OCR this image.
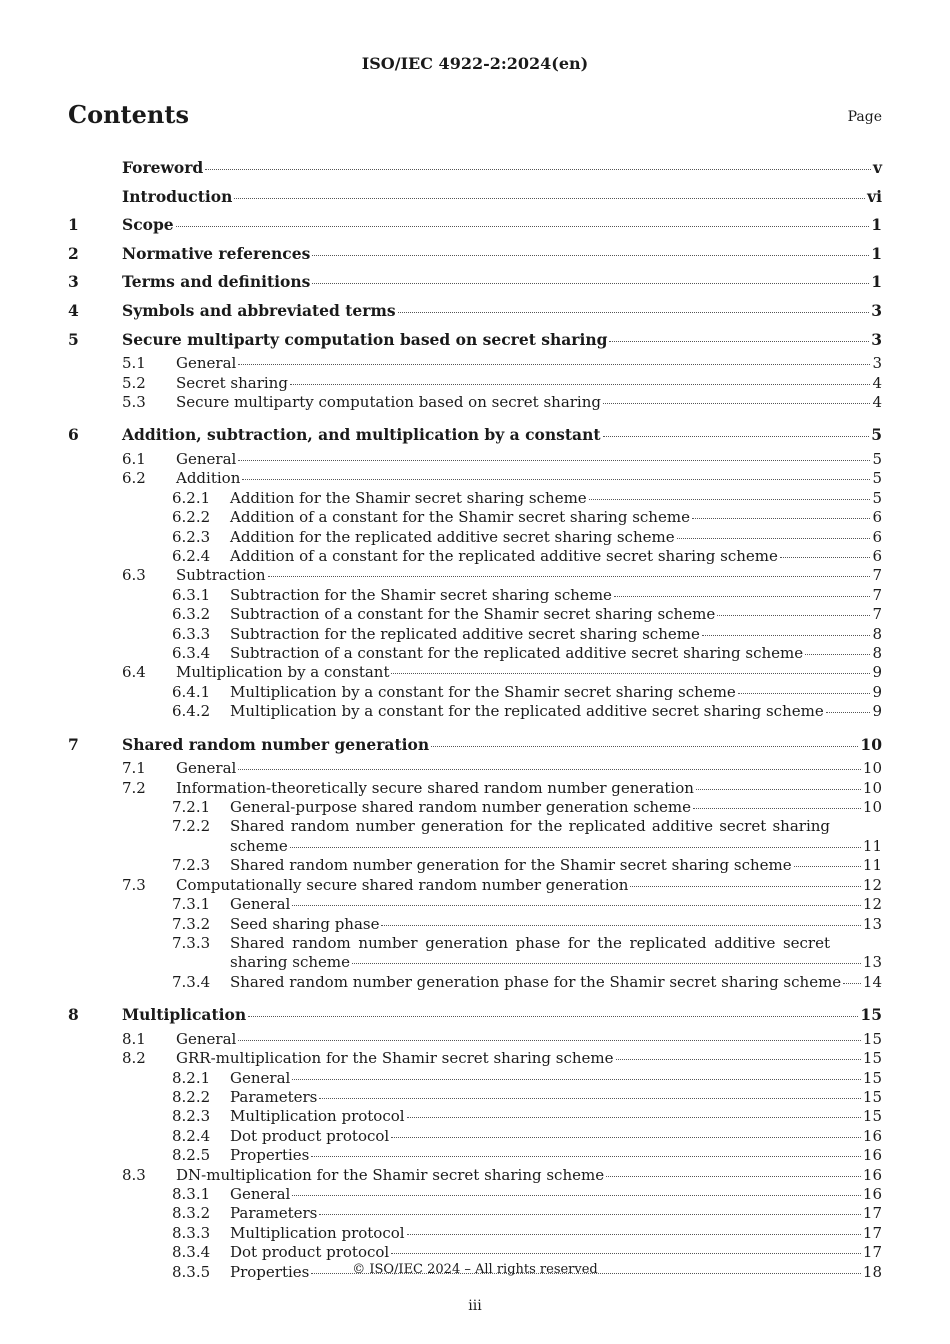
ISO/IEC 4922-2:2024(en)
Contents	Page
Foreword	v
Introduction	vi
1	Scope	1
2	Normative references	1
3	Terms and definitions	1
4	Symbols and abbreviated terms	3
5	Secure multiparty computation based on secret sharing	3
5.1	General	3
5.2	Secret sharing	4
5.3	Secure multiparty computation based on secret sharing	4
6	Addition, subtraction, and multiplication by a constant	5
6.1	General	5
6.2	Addition	5
6.2.1	Addition for the Shamir secret sharing scheme	5
6.2.2	Addition of a constant for the Shamir secret sharing scheme	6
6.2.3	Addition for the replicated additive secret sharing scheme	6
6.2.4	Addition of a constant for the replicated additive secret sharing scheme	6
6.3	Subtraction	7
6.3.1	Subtraction for the Shamir secret sharing scheme	7
6.3.2	Subtraction of a constant for the Shamir secret sharing scheme	7
6.3.3	Subtraction for the replicated additive secret sharing scheme	8
6.3.4	Subtraction of a constant for the replicated additive secret sharing scheme	8
6.4	Multiplication by a constant	9
6.4.1	Multiplication by a constant for the Shamir secret sharing scheme	9
6.4.2	Multiplication by a constant for the replicated additive secret sharing scheme	9
7	Shared random number generation	10
7.1	General	10
7.2	Information-theoretically secure shared random number generation	10
7.2.1	General-purpose shared random number generation scheme	10
7.2.2	Shared random number generation for the replicated additive secret sharing
scheme	11
7.2.3	Shared random number generation for the Shamir secret sharing scheme	11
7.3	Computationally secure shared random number generation	12
7.3.1	General	12
7.3.2	Seed sharing phase	13
7.3.3	Shared random number generation phase for the replicated additive secret
sharing scheme	13
7.3.4	Shared random number generation phase for the Shamir secret sharing scheme 14
8	Multiplication	15
8.1	General	15
8.2	GRR-multiplication for the Shamir secret sharing scheme	15
8.2.1	General	15
8.2.2	Parameters	15
8.2.3	Multiplication protocol	15
8.2.4	Dot product protocol	16
8.2.5	Properties	16
8.3	DN-multiplication for the Shamir secret sharing scheme	16
8.3.1	General	16
8.3.2	Parameters	17
8.3.3	Multiplication protocol	17
8.3.4	Dot product protocol	17
8.3.5	Properties	18
© ISO/IEC 2024 – All rights reserved
iii
